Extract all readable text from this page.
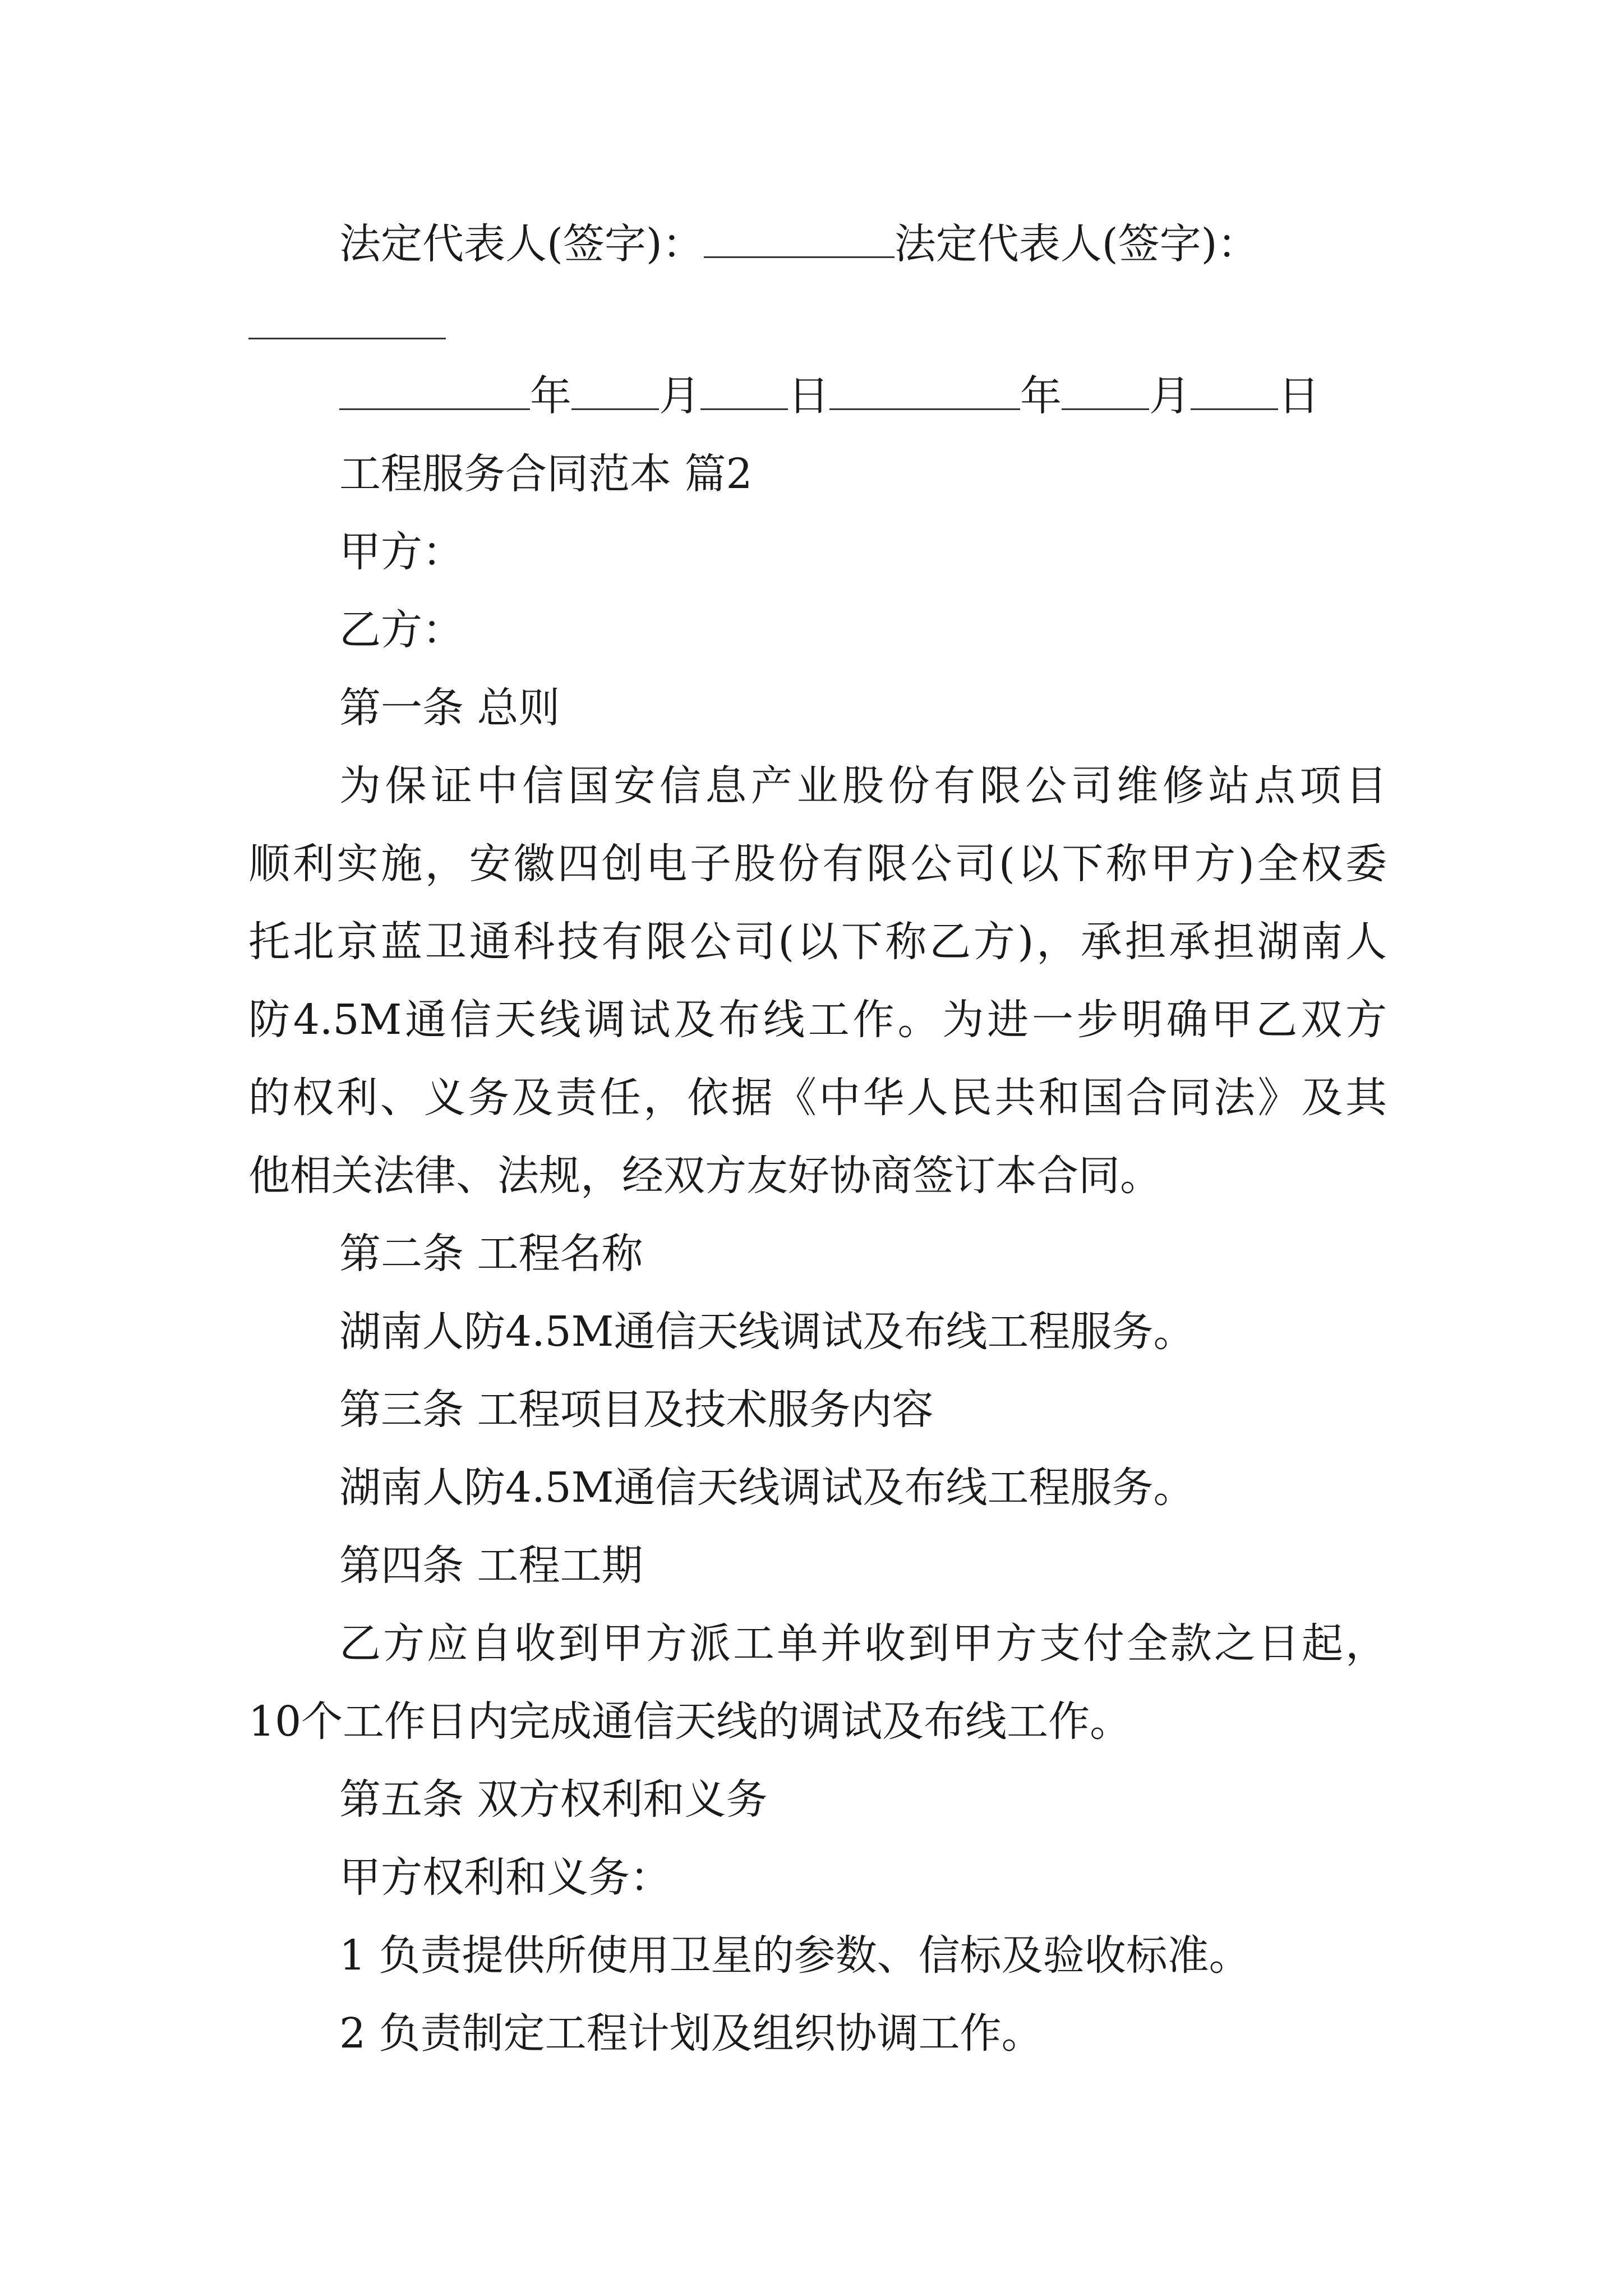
法定代表人(签字)：	法定代表人(签字)：
年 月 日	年 月 日
工程服务合同范本 篇2
甲方：
乙方：
第一条 总则
为保证中信国安信息产业股份有限公司维修站点项目
顺利实施，安徽四创电子股份有限公司(以下称甲方)全权委
托北京蓝卫通科技有限公司(以下称乙方)，承担承担湖南人
防4.5M通信天线调试及布线工作。为进一步明确甲乙双方
的权利、义务及责任，依据《中华人民共和国合同法》及其
他相关法律、法规，经双方友好协商签订本合同。
第二条 工程名称
湖南人防4.5M通信天线调试及布线工程服务。
第三条 工程项目及技术服务内容
湖南人防4.5M通信天线调试及布线工程服务。
第四条 工程工期
乙方应自收到甲方派工单并收到甲方支付全款之日起，
10个工作日内完成通信天线的调试及布线工作。
第五条 双方权利和义务
甲方权利和义务：
1 负责提供所使用卫星的参数、信标及验收标准。
2 负责制定工程计划及组织协调工作。
